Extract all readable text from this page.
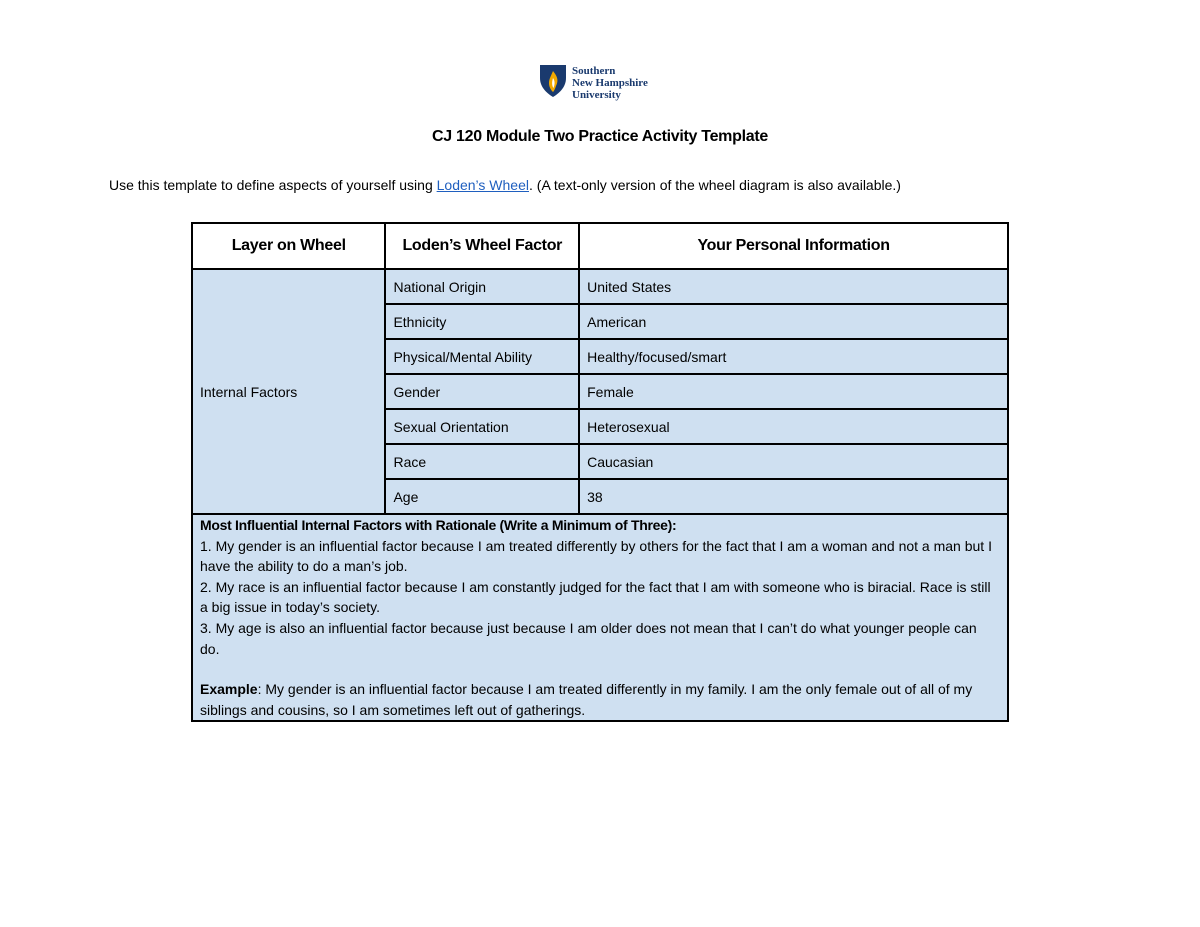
Southern
New Hampshire
University
CJ 120 Module Two Practice Activity Template
Use this template to define aspects of yourself using Loden’s Wheel. (A text-only version of the wheel diagram is also available.)
Layer on Wheel	Loden’s Wheel Factor	Your Personal Information
Internal Factors	National Origin	United States
	Ethnicity	American
	Physical/Mental Ability	Healthy/focused/smart
	Gender	Female
	Sexual Orientation	Heterosexual
	Race	Caucasian
	Age	38

Most Influential Internal Factors with Rationale (Write a Minimum of Three):

1. My gender is an influential factor because I am treated differently by others for the fact that I am a woman and not a man but I have the ability to do a man’s job.

2. My race is an influential factor because I am constantly judged for the fact that I am with someone who is biracial. Race is still a big issue in today’s society.

3. My age is also an influential factor because just because I am older does not mean that I can’t do what younger people can do.

Example: My gender is an influential factor because I am treated differently in my family. I am the only female out of all of my siblings and cousins, so I am sometimes left out of gatherings.		
